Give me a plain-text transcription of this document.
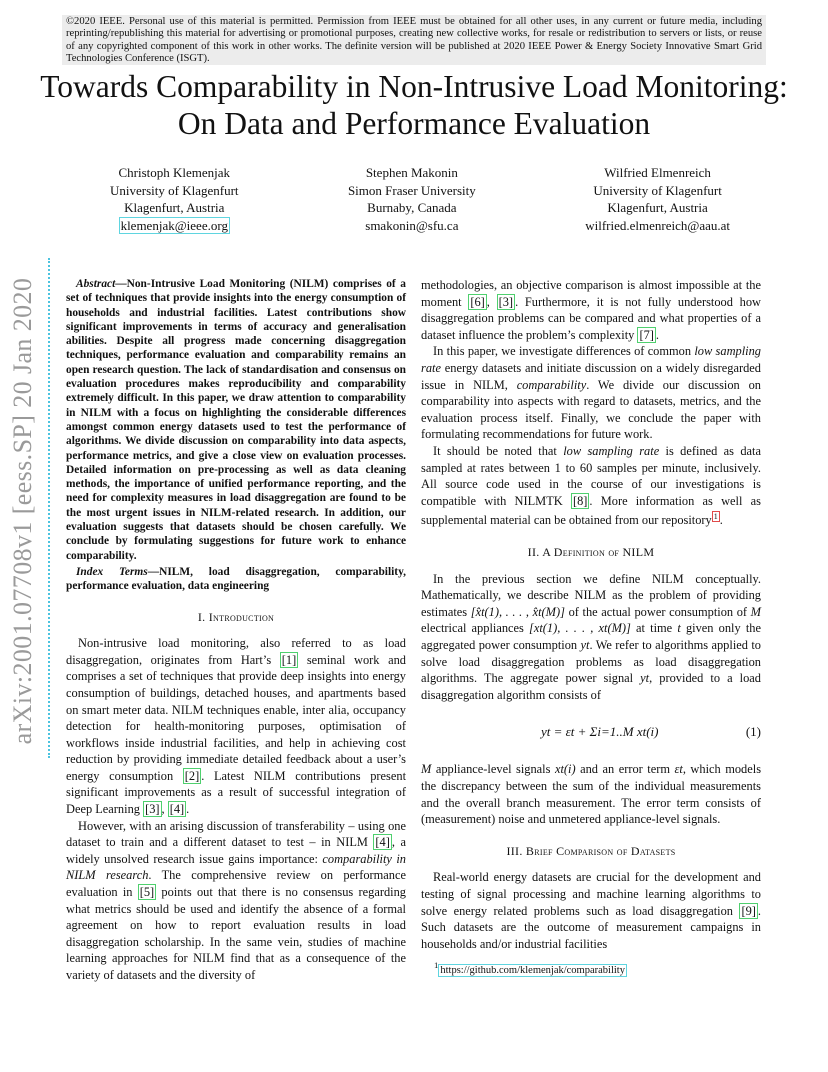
©2020 IEEE. Personal use of this material is permitted. Permission from IEEE must be obtained for all other uses, in any current or future media, including reprinting/republishing this material for advertising or promotional purposes, creating new collective works, for resale or redistribution to servers or lists, or reuse of any copyrighted component of this work in other works. The definite version will be published at 2020 IEEE Power & Energy Society Innovative Smart Grid Technologies Conference (ISGT).
Towards Comparability in Non-Intrusive Load Monitoring: On Data and Performance Evaluation
Christoph Klemenjak
University of Klagenfurt
Klagenfurt, Austria
klemenjak@ieee.org
Stephen Makonin
Simon Fraser University
Burnaby, Canada
smakonin@sfu.ca
Wilfried Elmenreich
University of Klagenfurt
Klagenfurt, Austria
wilfried.elmenreich@aau.at
arXiv:2001.07708v1 [eess.SP] 20 Jan 2020	Abstract—Non-Intrusive Load Monitoring (NILM) comprises of a set of techniques that provide insights into the energy consumption of households and industrial facilities. Latest contributions show significant improvements in terms of accuracy and generalisation abilities. Despite all progress made concerning disaggregation techniques, performance evaluation and comparability remains an open research question. The lack of standardisation and consensus on evaluation procedures makes reproducibility and comparability extremely difficult. In this paper, we draw attention to comparability in NILM with a focus on highlighting the considerable differences amongst common energy datasets used to test the performance of algorithms. We divide discussion on comparability into data aspects, performance metrics, and give a close view on evaluation processes. Detailed information on pre-processing as well as data cleaning methods, the importance of unified performance reporting, and the need for complexity measures in load disaggregation are found to be the most urgent issues in NILM-related research. In addition, our evaluation suggests that datasets should be chosen carefully. We conclude by formulating suggestions for future work to enhance comparability.

Index Terms—NILM, load disaggregation, comparability, performance evaluation, data engineering

I. Introduction

Non-intrusive load monitoring, also referred to as load disaggregation, originates from Hart’s [1] seminal work and comprises a set of techniques that provide deep insights into energy consumption of buildings, detached houses, and apartments based on smart meter data. NILM techniques enable, inter alia, occupancy detection for health-monitoring purposes, optimisation of workflows inside industrial facilities, and help in achieving cost reduction by providing immediate detailed feedback about a user’s energy consumption [2] . Latest NILM contributions present significant improvements as a result of successful integration of Deep Learning [3] , [4] .

However, with an arising discussion of transferability – using one dataset to train and a different dataset to test – in NILM [4] , a widely unsolved research issue gains importance: comparability in NILM research. The comprehensive review on performance evaluation in [5] points out that there is no consensus regarding what metrics should be used and identify the absence of a formal agreement on how to report evaluation results in load disaggregation scholarship. In the same vein, studies of machine learning approaches for NILM find that as a consequence of the variety of datasets and the diversity of

methodologies, an objective comparison is almost impossible at the moment [6] , [3] . Furthermore, it is not fully understood how disaggregation problems can be compared and what properties of a dataset influence the problem’s complexity [7] .

In this paper, we investigate differences of common low sampling rate energy datasets and initiate discussion on a widely disregarded issue in NILM, comparability. We divide our discussion on comparability into aspects with regard to datasets, metrics, and the evaluation process itself. Finally, we conclude the paper with formulating recommendations for future work.

It should be noted that low sampling rate is defined as data sampled at rates between 1 to 60 samples per minute, inclusively. All source code used in the course of our investigations is compatible with NILMTK [8] . More information as well as supplemental material can be obtained from our repository $^1$ .

II. A Definition of NILM

In the previous section we define NILM conceptually. Mathematically, we describe NILM as the problem of providing estimates [x̂t(1), . . . , x̂t(M)] of the actual power consumption of M electrical appliances [xt(1), . . . , xt(M)] at time t given only the aggregated power consumption yt. We refer to algorithms applied to solve load disaggregation problems as load disaggregation algorithms. The aggregate power signal yt, provided to a load disaggregation algorithm consists of

yt = εt + Σi=1..M xt(i)	(1)

M appliance-level signals xt(i) and an error term εt, which models the discrepancy between the sum of the individual measurements and the overall branch measurement. The error term consists of (measurement) noise and unmetered appliance-level signals.

III. Brief Comparison of Datasets

Real-world energy datasets are crucial for the development and testing of signal processing and machine learning algorithms to solve energy related problems such as load disaggregation [9] . Such datasets are the outcome of measurement campaigns in households and/or industrial facilities

$^1$ https://github.com/klemenjak/comparability
